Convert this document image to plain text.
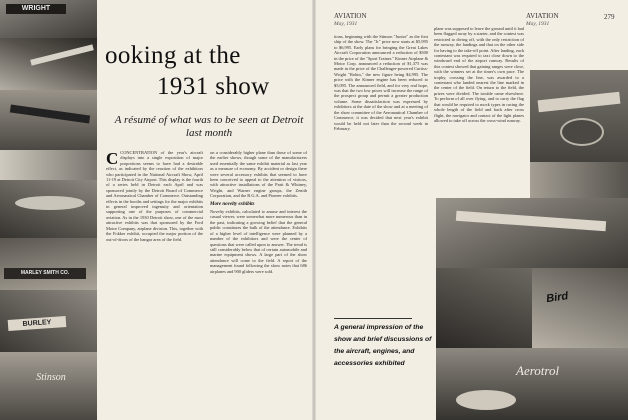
WRIGHT
MARLEY SMITH CO.
BURLEY
Stinson
ooking at the
1931 show
A résumé of what was to be seen at Detroit last month

CCONCENTRATION of the year's aircraft displays into a single exposition of major proportions seems to have had a desirable effect, as indicated by the reaction of the exhibitors who participated in the National Aircraft Show, April 11-19 at Detroit City Airport. This display is the fourth of a series held in Detroit each April and was sponsored jointly by the Detroit Board of Commerce and Aeronautical Chamber of Commerce. Outstanding effects in the booths and settings for the major exhibits in general improved ingenuity and orientation supporting one of the purposes of commercial aviation. As in the 1930 Detroit show, one of the most attractive exhibits was that sponsored by the Ford Motor Company, airplane division. This, together with the Fokker exhibit, occupied the major portion of the out-of-doors of the hangar area of the field.

on a considerably higher plane than those of some of the earlier shows, though some of the manufacturers used essentially the same exhibit material as last year as a measure of economy. By accident or design there were several accessory exhibits that seemed to have been conceived to appeal to the attention of visitors, with attractive installations of the Pratt & Whitney, Wright, and Warner engine groups, the Zenith Corporation, and the B.G.A. and Pioneer exhibits.

More novelty exhibits

Novelty exhibits, calculated to amuse and interest the casual viewer, were somewhat more numerous than in the past, indicating a growing belief that the general public constitutes the bulk of the attendance. Exhibits of a higher level of intelligence were planned by a number of the exhibitors and were the center of questions that were called upon to answer. The trend is still considerably below that of certain automobile and marine equipment shows. A large part of the show attendance will come to the field. A report of the management found following the show notes that 686 airplanes and 900 gliders were sold.

AVIATION
May, 1931
AVIATION
May, 1931
279

tions, beginning with the Stinson "Junior" as the first ship of the show. The "Jr" price now starts at $5,995 to $6,995. Early plans for bringing the Great Lakes Aircraft Corporation announced a reduction of $500 in the price of the "Sport Trainer." Kinner Airplane & Motor Corp. announced a reduction of $1,375 was made in the price of the Challenger-powered Curtiss-Wright "Robin," the new figure being $4,995. The price with the Kinner engine has been reduced to $5,095. The announced field, and for very real hope, was that the two low prices will increase the range of the prospect group and permit a greater production volume. Some dissatisfaction was expressed by exhibitors at the date of the show and at a meeting of the show committee of the Aeronautical Chamber of Commerce, it was decided that next year's exhibit would be held not later than the second week in February.

plane was supposed to leave the ground until it had been flagged away by a starter, and the contest was restricted to diving off, with the only restriction of the runway, the landings and that on the other side for having to the take-off point. After landing, each contestant was required to taxi close down to the windward end of the airport runway. Results of this contest showed that gaining ranges were close, with the winners set at the timer's own pace. The trophy, crossing the line, was awarded to a contestant who landed nearest the line marked in the center of the field. On return to the field, the prizes were divided. The trouble came elsewhere. To perform of all over flying, and to carry the flag that would be required to mock types in racing the whole length of the field and back after cross flight, the navigator and contact of the light planes allowed to take off across the cross-wind runway.

Bird
Aerotrol
A general impression of the show and brief discussions of the aircraft, engines, and accessories exhibited
